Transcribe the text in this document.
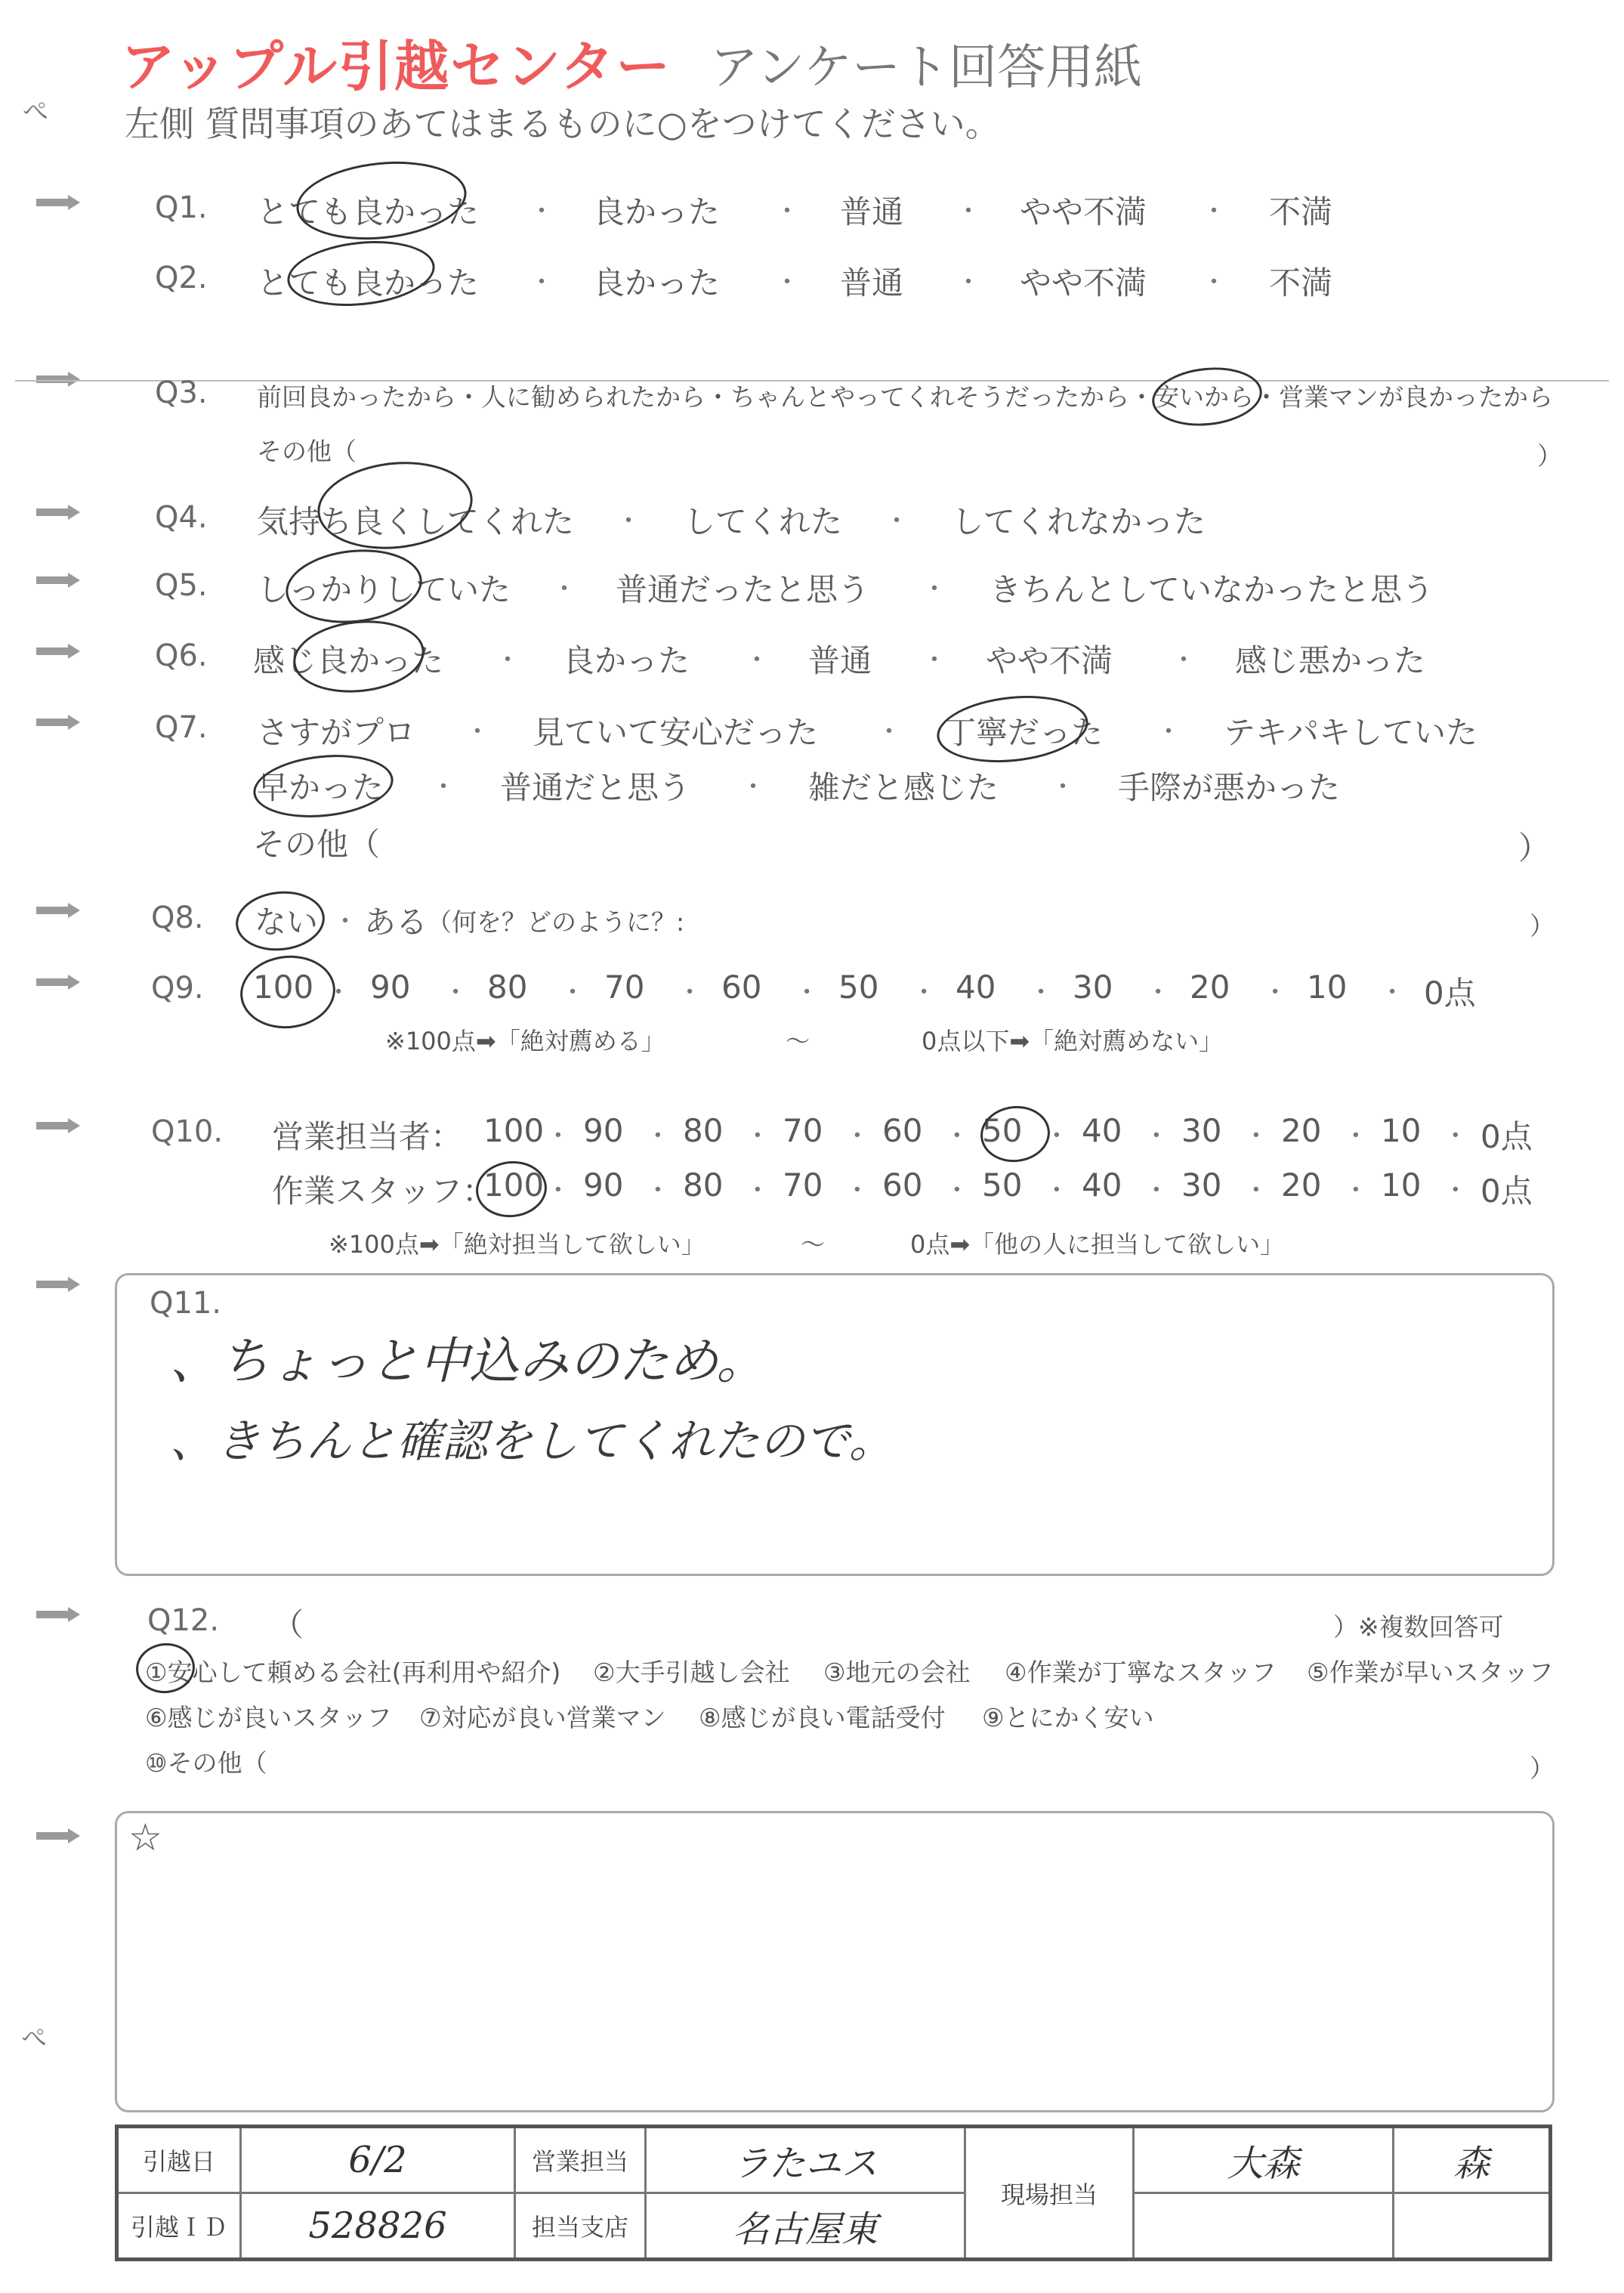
アップル引越センター アンケート回答用紙
左側 質問事項のあてはまるものに○をつけてください。
Q1. とても良かった ・ 良かった ・ 普通 ・ やや不満 ・ 不満
Q2. とても良かった ・ 良かった ・ 普通 ・ やや不満 ・ 不満
Q3. 前回良かったから・人に勧められたから・ちゃんとやってくれそうだったから・安いから・営業マンが良かったから
その他（	）
Q4. 気持ち良くしてくれた ・ してくれた ・ してくれなかった
Q5. しっかりしていた ・ 普通だったと思う ・ きちんとしていなかったと思う
Q6. 感じ良かった ・ 良かった ・ 普通 ・ やや不満 ・ 感じ悪かった
Q7. さすがプロ ・ 見ていて安心だった ・ 丁寧だった ・ テキパキしていた
早かった ・ 普通だと思う ・ 雑だと感じた ・ 手際が悪かった
その他（	）
Q8. ない ・ ある
（何を？どのように？:	）
Q9. 100 ・ 90 ・ 80 ・ 70 ・ 60 ・ 50 ・ 40 ・ 30 ・ 20 ・ 10 ・ 0点
※100点➡「絶対薦める」	～	0点以下➡「絶対薦めない」
Q10. 営業担当者： 100 ・ 90 ・ 80 ・ 70 ・ 60 ・ 50 ・ 40 ・ 30 ・ 20 ・ 10 ・ 0点
作業スタッフ：
100 ・ 90 ・ 80 ・ 70 ・ 60 ・ 50 ・ 40 ・ 30 ・ 20 ・ 10 ・ 0点
※100点➡「絶対担当して欲しい」	～	0点➡「他の人に担当して欲しい」
Q11.
、ちょっと中込みのため。
、きちんと確認をしてくれたので。
Q12. （	）※複数回答可
①安心して頼める会社(再利用や紹介) ②大手引越し会社 ③地元の会社 ④作業が丁寧なスタッフ ⑤作業が早いスタッフ
⑥感じが良いスタッフ ⑦対応が良い営業マン ⑧感じが良い電話受付 ⑨とにかく安い
⑩その他（	）
☆
引越日	6/2	営業担当	ラたユス	現場担当	大森	森
引越ＩＤ	528826	担当支店	名古屋東			
ぺ
ぺ
